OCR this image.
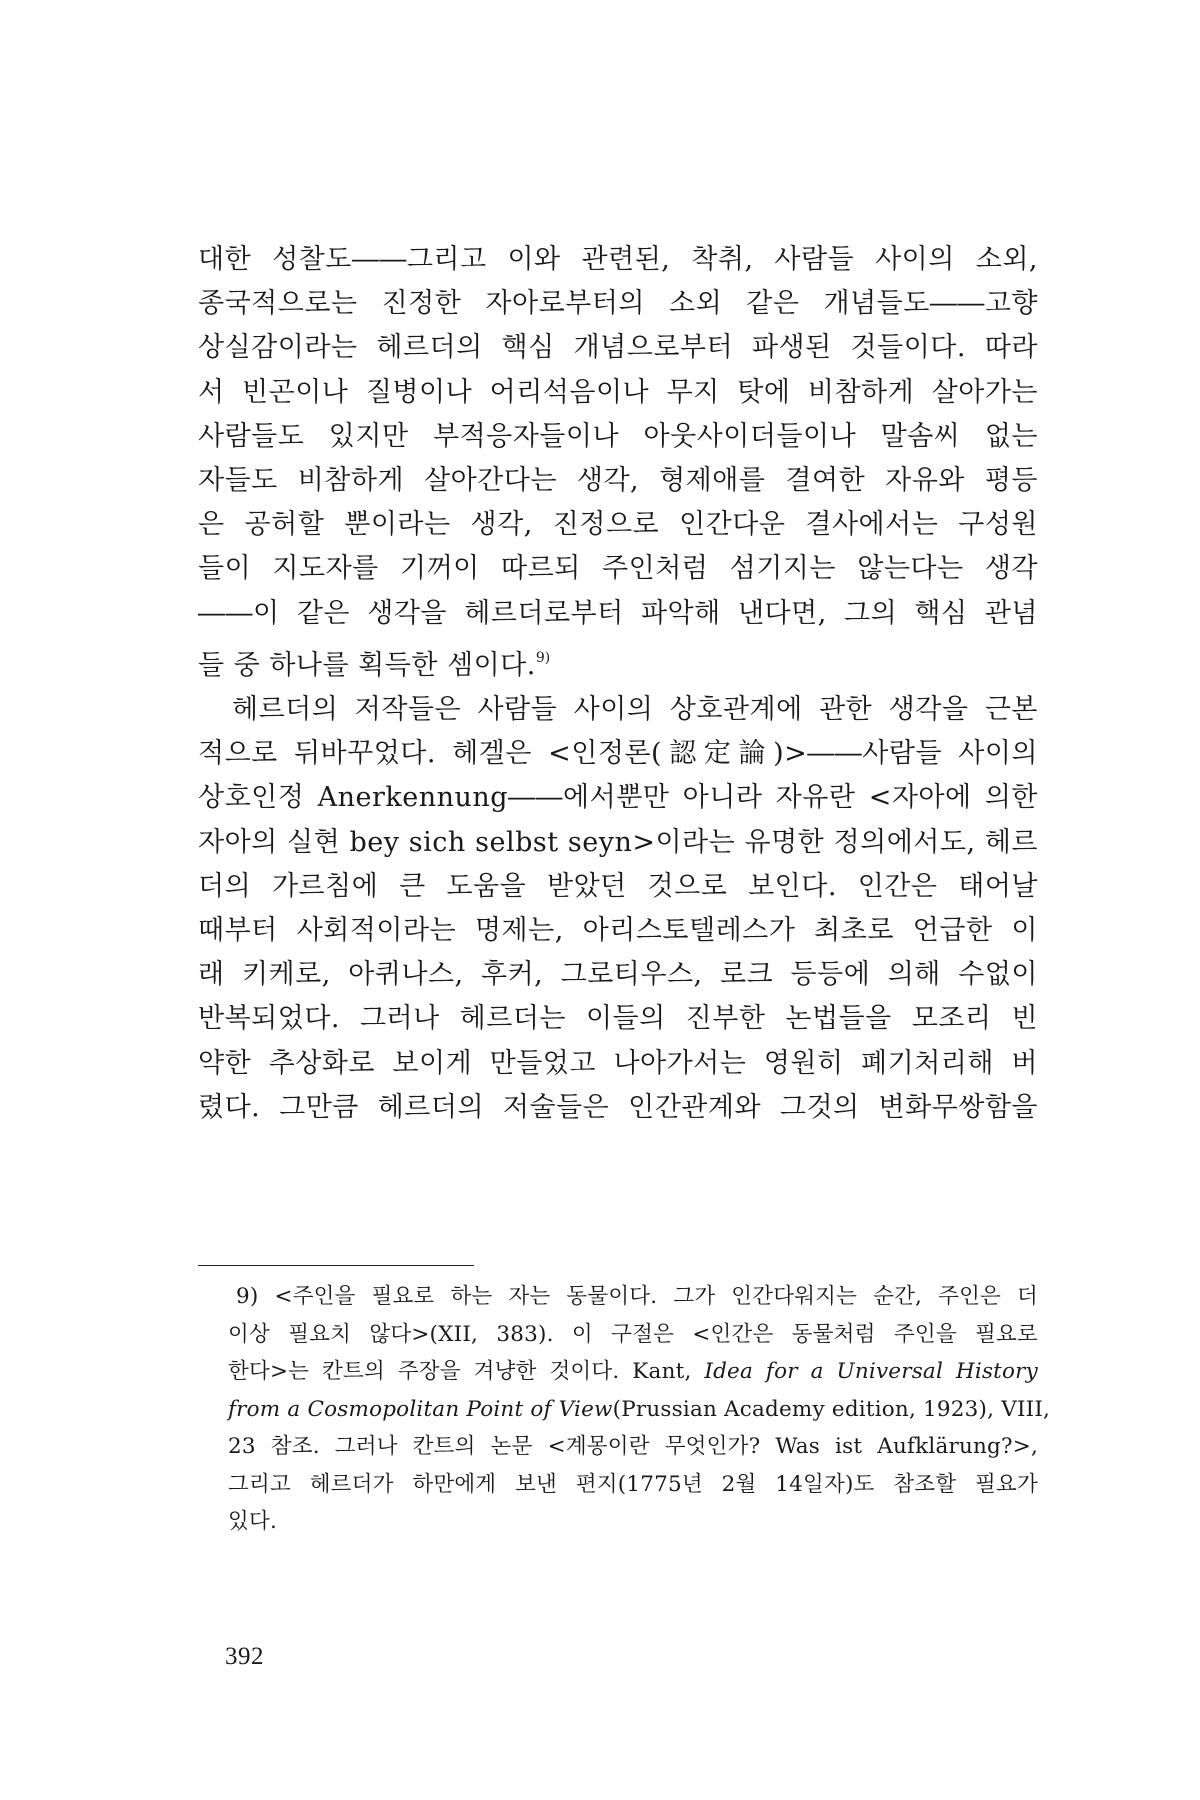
대한 성찰도――그리고 이와 관련된, 착취, 사람들 사이의 소외,
종국적으로는 진정한 자아로부터의 소외 같은 개념들도――고향
상실감이라는 헤르더의 핵심 개념으로부터 파생된 것들이다. 따라
서 빈곤이나 질병이나 어리석음이나 무지 탓에 비참하게 살아가는
사람들도 있지만 부적응자들이나 아웃사이더들이나 말솜씨 없는
자들도 비참하게 살아간다는 생각, 형제애를 결여한 자유와 평등
은 공허할 뿐이라는 생각, 진정으로 인간다운 결사에서는 구성원
들이 지도자를 기꺼이 따르되 주인처럼 섬기지는 않는다는 생각
――이 같은 생각을 헤르더로부터 파악해 낸다면, 그의 핵심 관념
들 중 하나를 획득한 셈이다.$^{9)}$
헤르더의 저작들은 사람들 사이의 상호관계에 관한 생각을 근본
적으로 뒤바꾸었다. 헤겔은 <인정론(認定論)>――사람들 사이의
상호인정 Anerkennung――에서뿐만 아니라 자유란 <자아에 의한
자아의 실현 bey sich selbst seyn>이라는 유명한 정의에서도, 헤르
더의 가르침에 큰 도움을 받았던 것으로 보인다. 인간은 태어날
때부터 사회적이라는 명제는, 아리스토텔레스가 최초로 언급한 이
래 키케로, 아퀴나스, 후커, 그로티우스, 로크 등등에 의해 수없이
반복되었다. 그러나 헤르더는 이들의 진부한 논법들을 모조리 빈
약한 추상화로 보이게 만들었고 나아가서는 영원히 폐기처리해 버
렸다. 그만큼 헤르더의 저술들은 인간관계와 그것의 변화무쌍함을
9) <주인을 필요로 하는 자는 동물이다. 그가 인간다워지는 순간, 주인은 더
이상 필요치 않다>(XII, 383). 이 구절은 <인간은 동물처럼 주인을 필요로
한다>는 칸트의 주장을 겨냥한 것이다. Kant, Idea for a Universal History
from a Cosmopolitan Point of View(Prussian Academy edition, 1923), VIII,
23 참조. 그러나 칸트의 논문 <계몽이란 무엇인가? Was ist Aufklärung?>,
그리고 헤르더가 하만에게 보낸 편지(1775년 2월 14일자)도 참조할 필요가
있다.
392
